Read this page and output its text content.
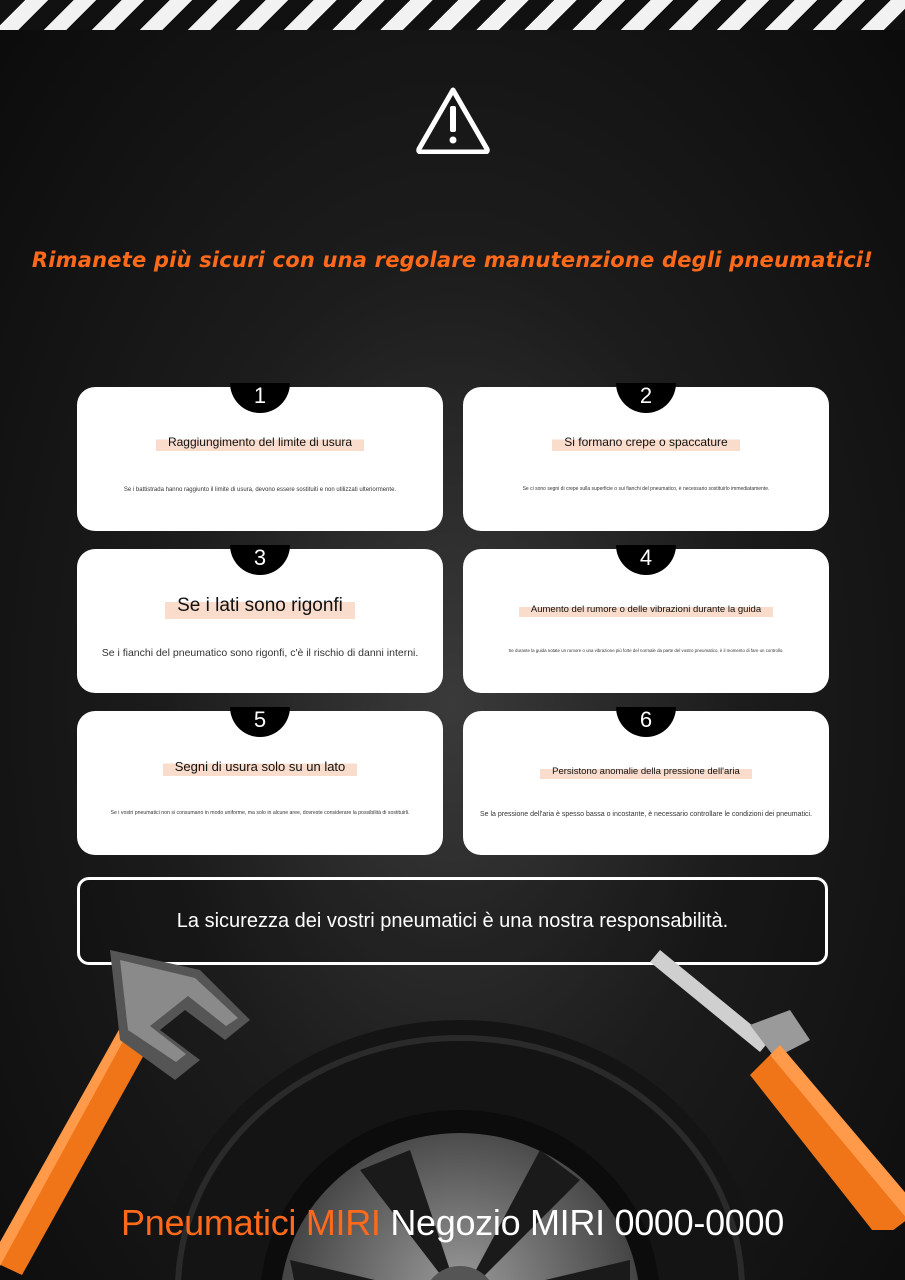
Rimanete più sicuri con una regolare manutenzione degli pneumatici!
1
Raggiungimento del limite di usura
Se i battistrada hanno raggiunto il limite di usura, devono essere sostituiti e non utilizzati ulteriormente.
2
Si formano crepe o spaccature
Se ci sono segni di crepe sulla superficie o sui fianchi del pneumatico, è necessario sostituirlo immediatamente.
3
Se i lati sono rigonfi
Se i fianchi del pneumatico sono rigonfi, c'è il rischio di danni interni.
4
Aumento del rumore o delle vibrazioni durante la guida
Se durante la guida notate un rumore o una vibrazione più forte del normale da parte del vostro pneumatico, è il momento di fare un controllo.
5
Segni di usura solo su un lato
Se i vostri pneumatici non si consumano in modo uniforme, ma solo in alcune aree, dovreste considerare la possibilità di sostituirli.
6
Persistono anomalie della pressione dell'aria
Se la pressione dell'aria è spesso bassa o incostante, è necessario controllare le condizioni dei pneumatici.
La sicurezza dei vostri pneumatici è una nostra responsabilità.
Pneumatici MIRI Negozio MIRI 0000-0000
